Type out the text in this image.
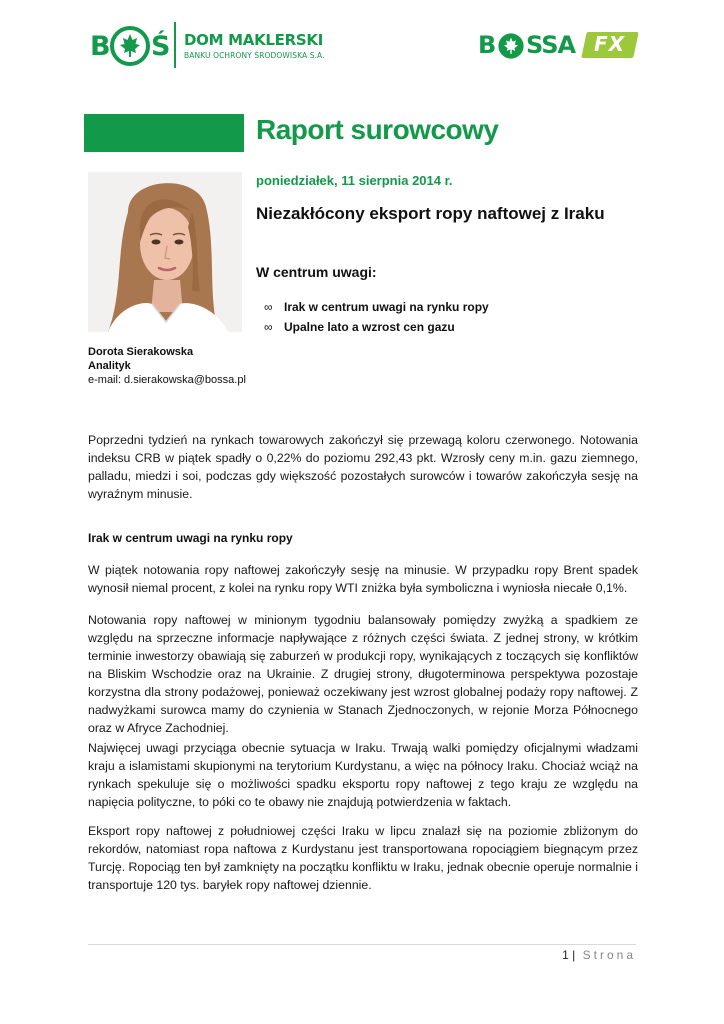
B Ś DOM MAKLERSKI
BANKU OCHRONY ŚRODOWISKA S.A.	B SSA FX
Raport surowcowy
poniedziałek, 11 sierpnia 2014 r.
Niezakłócony eksport ropy naftowej z Iraku
W centrum uwagi:
∞ Irak w centrum uwagi na rynku ropy
∞ Upalne lato a wzrost cen gazu
Dorota Sierakowska
Analityk
e-mail: d.sierakowska@bossa.pl

Poprzedni tydzień na rynkach towarowych zakończył się przewagą koloru czerwonego. Notowania indeksu CRB w piątek spadły o 0,22% do poziomu 292,43 pkt. Wzrosły ceny m.in. gazu ziemnego, palladu, miedzi i soi, podczas gdy większość pozostałych surowców i towarów zakończyła sesję na wyraźnym minusie.

Irak w centrum uwagi na rynku ropy

W piątek notowania ropy naftowej zakończyły sesję na minusie. W przypadku ropy Brent spadek wynosił niemal procent, z kolei na rynku ropy WTI zniżka była symboliczna i wyniosła niecałe 0,1%.

Notowania ropy naftowej w minionym tygodniu balansowały pomiędzy zwyżką a spadkiem ze względu na sprzeczne informacje napływające z różnych części świata. Z jednej strony, w krótkim terminie inwestorzy obawiają się zaburzeń w produkcji ropy, wynikających z toczących się konfliktów na Bliskim Wschodzie oraz na Ukrainie. Z drugiej strony, długoterminowa perspektywa pozostaje korzystna dla strony podażowej, ponieważ oczekiwany jest wzrost globalnej podaży ropy naftowej. Z nadwyżkami surowca mamy do czynienia w Stanach Zjednoczonych, w rejonie Morza Północnego oraz w Afryce Zachodniej.

Najwięcej uwagi przyciąga obecnie sytuacja w Iraku. Trwają walki pomiędzy oficjalnymi władzami kraju a islamistami skupionymi na terytorium Kurdystanu, a więc na północy Iraku. Chociaż wciąż na rynkach spekuluje się o możliwości spadku eksportu ropy naftowej z tego kraju ze względu na napięcia polityczne, to póki co te obawy nie znajdują potwierdzenia w faktach.

Eksport ropy naftowej z południowej części Iraku w lipcu znalazł się na poziomie zbliżonym do rekordów, natomiast ropa naftowa z Kurdystanu jest transportowana ropociągiem biegnącym przez Turcję. Ropociąg ten był zamknięty na początku konfliktu w Iraku, jednak obecnie operuje normalnie i transportuje 120 tys. baryłek ropy naftowej dziennie.

1 | Strona
